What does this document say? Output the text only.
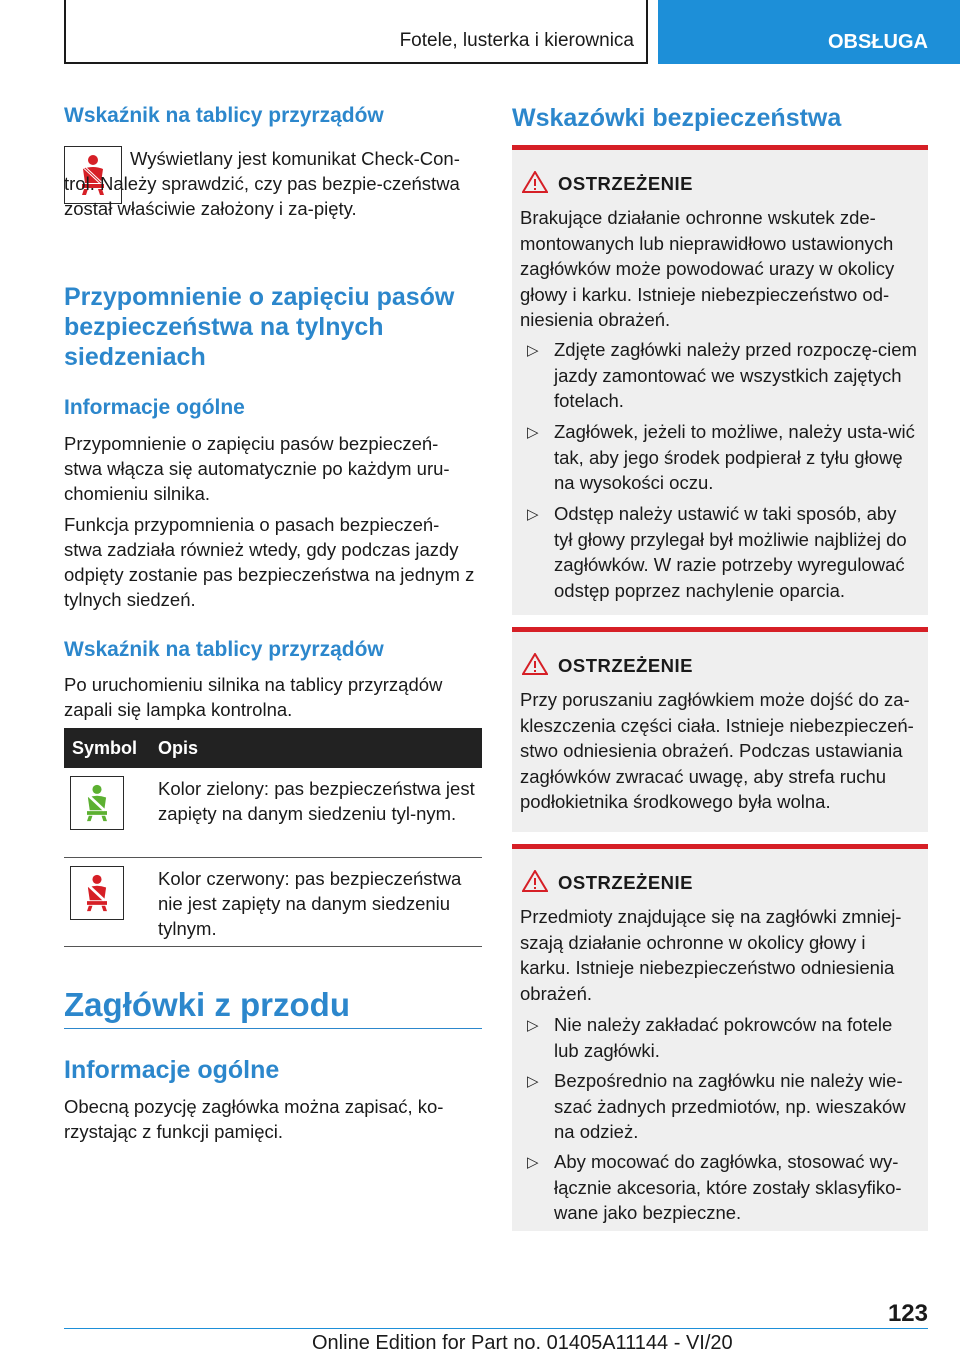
Fotele, lusterka i kierownica	OBSŁUGA
Wskaźnik na tablicy przyrządów

Wyświetlany jest komunikat Check-Con-trol. Należy sprawdzić, czy pas bezpie-czeństwa został właściwie założony i za-pięty.

Przypomnienie o zapięciu pasów bezpieczeństwa na tylnych siedzeniach
Informacje ogólne

Przypomnienie o zapięciu pasów bezpieczeń-stwa włącza się automatycznie po każdym uru-chomieniu silnika.

Funkcja przypomnienia o pasach bezpieczeń-stwa zadziała również wtedy, gdy podczas jazdy odpięty zostanie pas bezpieczeństwa na jednym z tylnych siedzeń.

Wskaźnik na tablicy przyrządów

Po uruchomieniu silnika na tablicy przyrządów zapali się lampka kontrolna.

Symbol Opis

Kolor zielony: pas bezpieczeństwa jest zapięty na danym siedzeniu tyl-nym.

Kolor czerwony: pas bezpieczeństwa nie jest zapięty na danym siedzeniu tylnym.

Zagłówki z przodu
Informacje ogólne

Obecną pozycję zagłówka można zapisać, ko-rzystając z funkcji pamięci.

Wskazówki bezpieczeństwa
OSTRZEŻENIE
Brakujące działanie ochronne wskutek zde-montowanych lub nieprawidłowo ustawionych zagłówków może powodować urazy w okolicy głowy i karku. Istnieje niebezpieczeństwo od-niesienia obrażeń.
▷ Zdjęte zagłówki należy przed rozpoczę-ciem jazdy zamontować we wszystkich zajętych fotelach.
▷ Zagłówek, jeżeli to możliwe, należy usta-wić tak, aby jego środek podpierał z tyłu głowę na wysokości oczu.
▷ Odstęp należy ustawić w taki sposób, aby tył głowy przylegał był możliwie najbliżej do zagłówków. W razie potrzeby wyregulować odstęp poprzez nachylenie oparcia.
OSTRZEŻENIE
Przy poruszaniu zagłówkiem może dojść do za-kleszczenia części ciała. Istnieje niebezpieczeń-stwo odniesienia obrażeń. Podczas ustawiania zagłówków zwracać uwagę, aby strefa ruchu podłokietnika środkowego była wolna.
OSTRZEŻENIE
Przedmioty znajdujące się na zagłówki zmniej-szają działanie ochronne w okolicy głowy i karku. Istnieje niebezpieczeństwo odniesienia obrażeń.
▷ Nie należy zakładać pokrowców na fotele lub zagłówki.
▷ Bezpośrednio na zagłówku nie należy wie-szać żadnych przedmiotów, np. wieszaków na odzież.
▷ Aby mocować do zagłówka, stosować wy-łącznie akcesoria, które zostały sklasyfiko-wane jako bezpieczne.
123
Online Edition for Part no. 01405A11144 - VI/20
